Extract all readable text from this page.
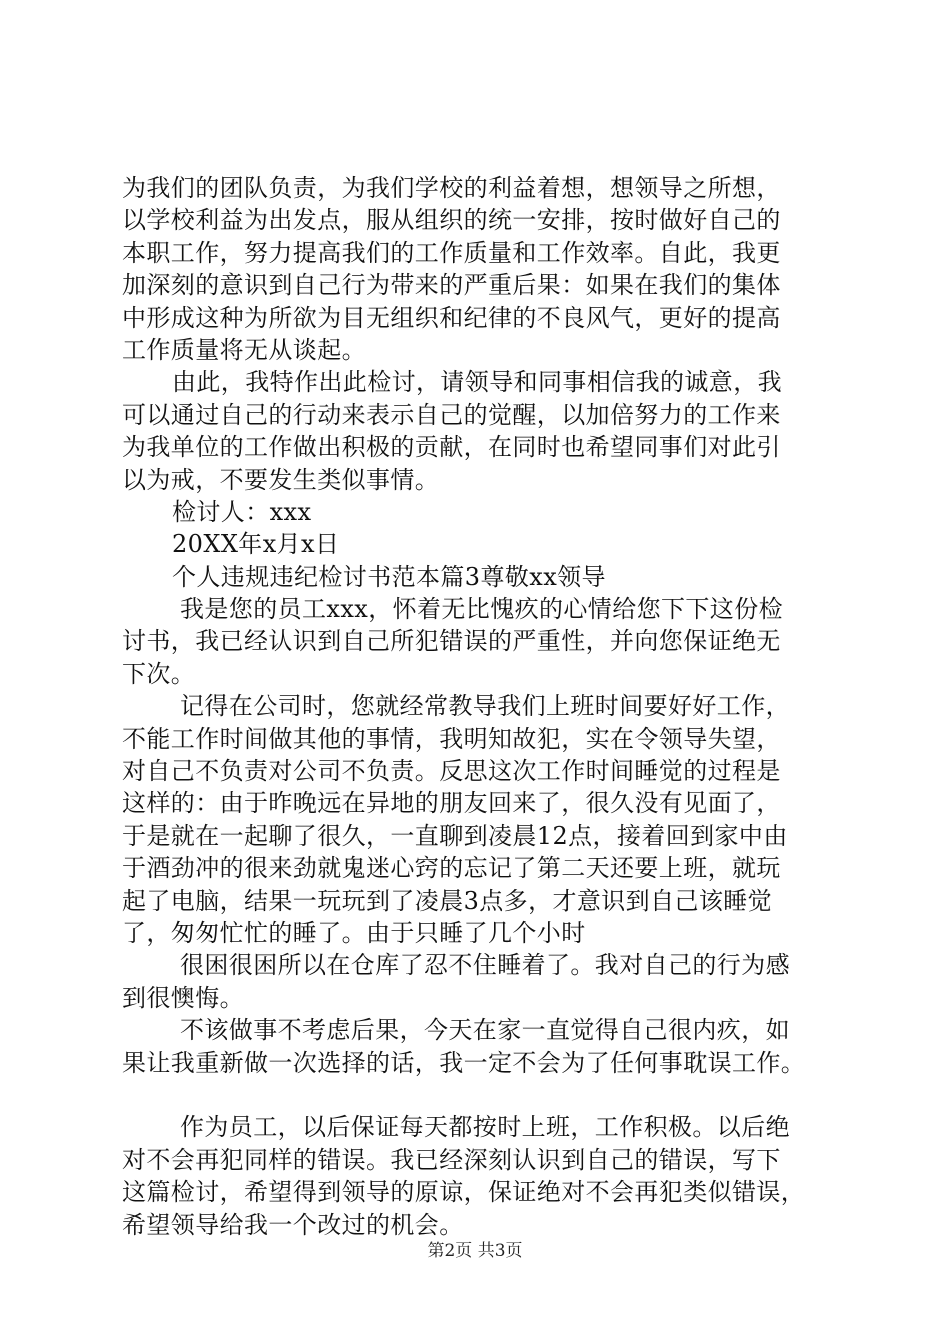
为我们的团队负责，为我们学校的利益着想，想领导之所想，
以学校利益为出发点，服从组织的统一安排，按时做好自己的
本职工作，努力提高我们的工作质量和工作效率。自此，我更
加深刻的意识到自己行为带来的严重后果：如果在我们的集体
中形成这种为所欲为目无组织和纪律的不良风气，更好的提高
工作质量将无从谈起。
由此，我特作出此检讨，请领导和同事相信我的诚意，我
可以通过自己的行动来表示自己的觉醒，以加倍努力的工作来
为我单位的工作做出积极的贡献，在同时也希望同事们对此引
以为戒，不要发生类似事情。
检讨人：xxx
20XX年x月x日
个人违规违纪检讨书范本篇3尊敬xx领导
我是您的员工xxx，怀着无比愧疚的心情给您下下这份检
讨书，我已经认识到自己所犯错误的严重性，并向您保证绝无
下次。
记得在公司时，您就经常教导我们上班时间要好好工作，
不能工作时间做其他的事情，我明知故犯，实在令领导失望，
对自己不负责对公司不负责。反思这次工作时间睡觉的过程是
这样的：由于昨晚远在异地的朋友回来了，很久没有见面了，
于是就在一起聊了很久，一直聊到凌晨12点，接着回到家中由
于酒劲冲的很来劲就鬼迷心窍的忘记了第二天还要上班，就玩
起了电脑，结果一玩玩到了凌晨3点多，才意识到自己该睡觉
了，匆匆忙忙的睡了。由于只睡了几个小时
很困很困所以在仓库了忍不住睡着了。我对自己的行为感
到很懊悔。
不该做事不考虑后果，今天在家一直觉得自己很内疚，如
果让我重新做一次选择的话，我一定不会为了任何事耽误工作。
作为员工，以后保证每天都按时上班，工作积极。以后绝
对不会再犯同样的错误。我已经深刻认识到自己的错误，写下
这篇检讨，希望得到领导的原谅，保证绝对不会再犯类似错误，
希望领导给我一个改过的机会。
第2页 共3页
